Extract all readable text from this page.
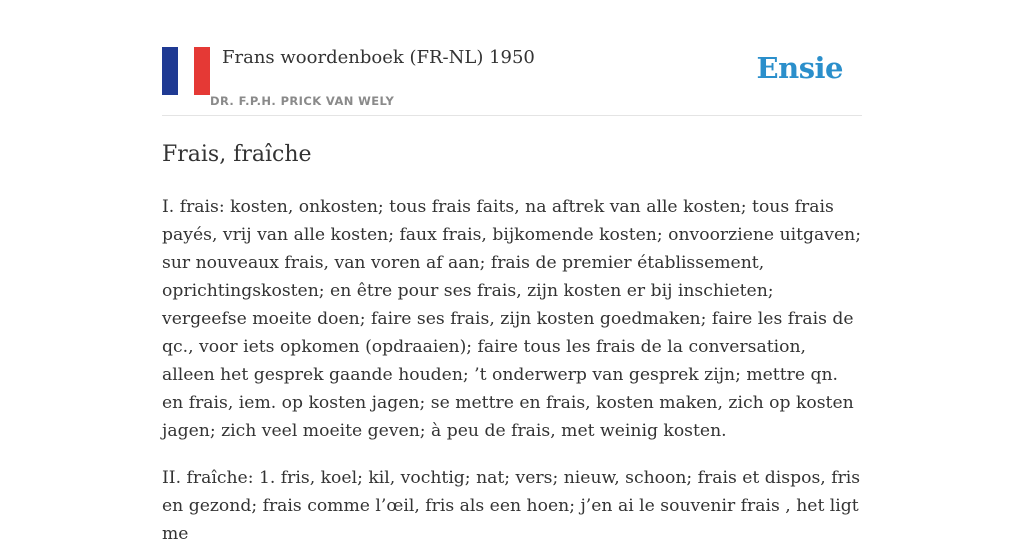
Frans woordenboek (FR-NL) 1950
DR. F.P.H. PRICK VAN WELY
Ensie
Frais, fraîche

I. frais: kosten, onkosten; tous frais faits, na aftrek van alle kosten; tous frais payés, vrij van alle kosten; faux frais, bijkomende kosten; onvoorziene uitgaven; sur nouveaux frais, van voren af aan; frais de premier établissement, oprichtingskosten; en être pour ses frais, zijn kosten er bij inschieten; vergeefse moeite doen; faire ses frais, zijn kosten goedmaken; faire les frais de qc., voor iets opkomen (opdraaien); faire tous les frais de la conversation, alleen het gesprek gaande houden; ’t onderwerp van gesprek zijn; mettre qn. en frais, iem. op kosten jagen; se mettre en frais, kosten maken, zich op kosten jagen; zich veel moeite geven; à peu de frais, met weinig kosten.

II. fraîche: 1. fris, koel; kil, vochtig; nat; vers; nieuw, schoon; frais et dispos, fris en gezond; frais comme l’œil, fris als een hoen; j’en ai le souvenir frais , het ligt me
